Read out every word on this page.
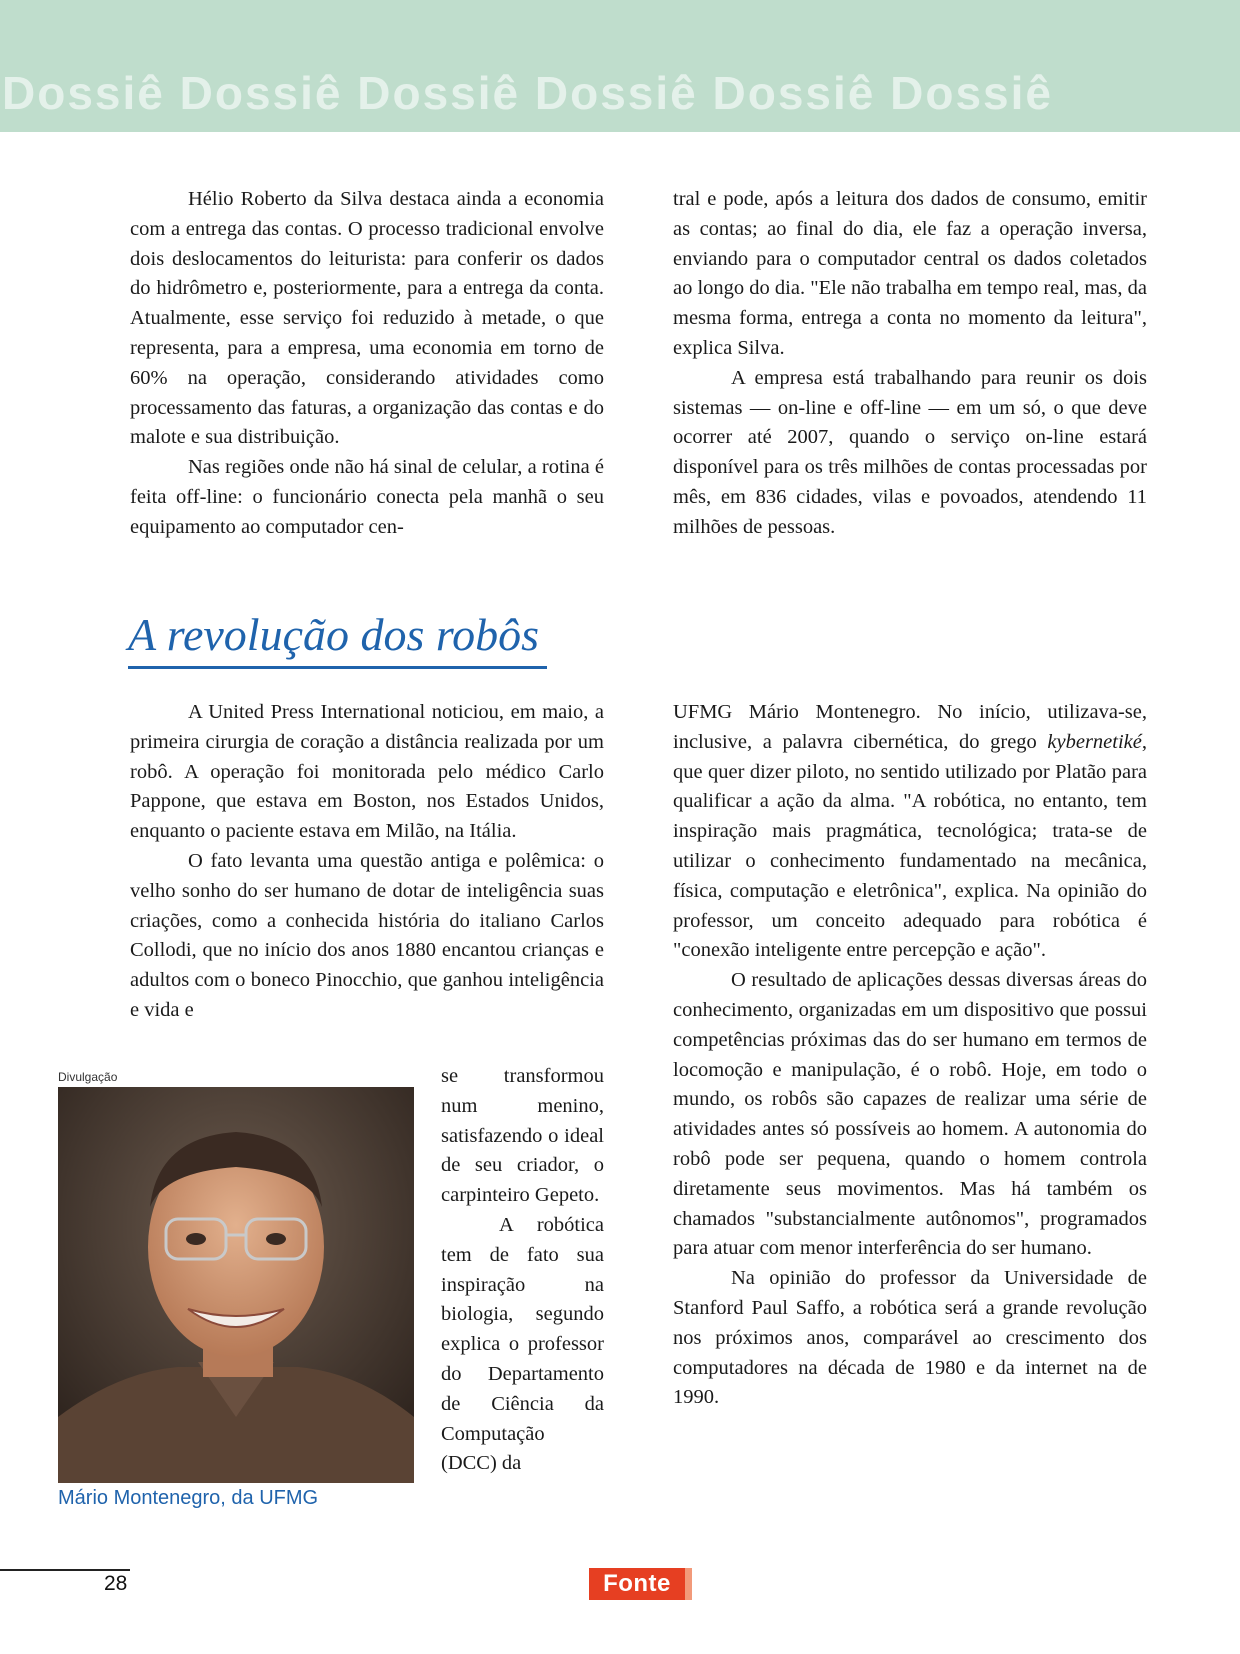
Dossiê Dossiê Dossiê Dossiê Dossiê Dossiê

Hélio Roberto da Silva destaca ainda a economia com a entrega das contas. O processo tradicional envolve dois deslocamentos do leiturista: para conferir os dados do hidrômetro e, posteriormente, para a entrega da conta. Atualmente, esse serviço foi reduzido à metade, o que representa, para a empresa, uma economia em torno de 60% na operação, considerando atividades como processamento das faturas, a organização das contas e do malote e sua distribuição.

Nas regiões onde não há sinal de celular, a rotina é feita off-line: o funcionário conecta pela manhã o seu equipamento ao computador cen-

tral e pode, após a leitura dos dados de consumo, emitir as contas; ao final do dia, ele faz a operação inversa, enviando para o computador central os dados coletados ao longo do dia. "Ele não trabalha em tempo real, mas, da mesma forma, entrega a conta no momento da leitura", explica Silva.

A empresa está trabalhando para reunir os dois sistemas — on-line e off-line — em um só, o que deve ocorrer até 2007, quando o serviço on-line estará disponível para os três milhões de contas processadas por mês, em 836 cidades, vilas e povoados, atendendo 11 milhões de pessoas.

A revolução dos robôs

A United Press International noticiou, em maio, a primeira cirurgia de coração a distância realizada por um robô. A operação foi monitorada pelo médico Carlo Pappone, que estava em Boston, nos Estados Unidos, enquanto o paciente estava em Milão, na Itália.

O fato levanta uma questão antiga e polêmica: o velho sonho do ser humano de dotar de inteligência suas criações, como a conhecida história do italiano Carlos Collodi, que no início dos anos 1880 encantou crianças e adultos com o boneco Pinocchio, que ganhou inteligência e vida e

se transformou num menino, satisfazendo o ideal de seu criador, o carpinteiro Gepeto.

A robótica tem de fato sua inspiração na biologia, segundo explica o professor do Departamento de Ciência da Computação (DCC) da

UFMG Mário Montenegro. No início, utilizava-se, inclusive, a palavra cibernética, do grego kybernetiké, que quer dizer piloto, no sentido utilizado por Platão para qualificar a ação da alma. "A robótica, no entanto, tem inspiração mais pragmática, tecnológica; trata-se de utilizar o conhecimento fundamentado na mecânica, física, computação e eletrônica", explica. Na opinião do professor, um conceito adequado para robótica é "conexão inteligente entre percepção e ação".

O resultado de aplicações dessas diversas áreas do conhecimento, organizadas em um dispositivo que possui competências próximas das do ser humano em termos de locomoção e manipulação, é o robô. Hoje, em todo o mundo, os robôs são capazes de realizar uma série de atividades antes só possíveis ao homem. A autonomia do robô pode ser pequena, quando o homem controla diretamente seus movimentos. Mas há também os chamados "substancialmente autônomos", programados para atuar com menor interferência do ser humano.

Na opinião do professor da Universidade de Stanford Paul Saffo, a robótica será a grande revolução nos próximos anos, comparável ao crescimento dos computadores na década de 1980 e da internet na de 1990.

Divulgação

Mário Montenegro, da UFMG

28	Fonte
